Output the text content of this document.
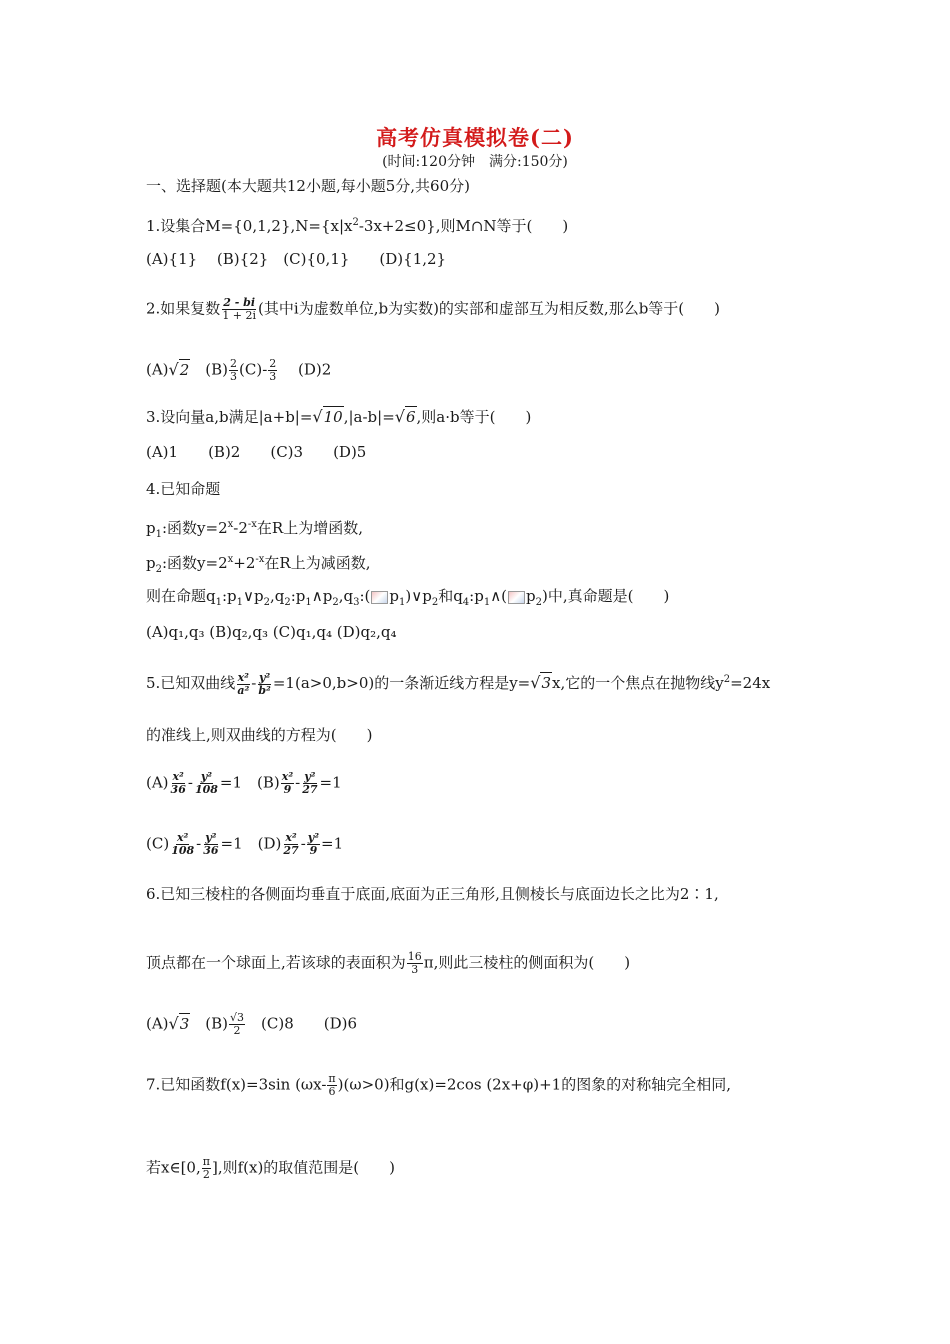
高考仿真模拟卷(二)
(时间:120分钟　满分:150分)
一、选择题(本大题共12小题,每小题5分,共60分)
1.设集合$M=\{0,1,2\},N=\{x|x^2-3x+2\le 0\}$,则M∩N等于(　　)
(A){1}　 (B){2}　(C){0,1}　　(D){1,2}
2.如果复数 $\frac{2 - bi}{1 + 2i}$ (其中i为虚数单位,b为实数)的实部和虚部互为相反数,那么b等于(　　)
(A) √ 2 　$(B) \frac{2}{3} (C)- \frac{2}{3}$ 　 (D)2
3.设向量a,b满足|a+b|= √ 10 ,|a-b|= √ 6 ,则a·b等于(　　)
(A)1　　(B)2　　(C)3　　(D)5
4.已知命题
$p_1$:函数$y=2^x-2^{-x}$在R上为增函数,
$p_2$:函数$y=2^x+2^{-x}$在R上为减函数,
则在命题$q_1:p_1\vee p_2,q_2:p_1\wedge p_2,q_3$:( $p_1)\vee p_2$和$q_4:p_1\wedge$( $p_2$)中,真命题是(　　)
(A)q₁,q₃ (B)q₂,q₃ (C)q₁,q₄ (D)q₂,q₄
5.已知双曲线 $\frac{\text{x²}}{\text{a²}} - \frac{\text{y²}}{\text{b²}} =1(a>0,b>0)$的一条渐近线方程是y= √ 3 x,它的一个焦点在抛物线$y^2=24x$
的准线上,则双曲线的方程为(　　)
$(A) \frac{\text{x²}}{36} - \frac{\text{y²}}{108} =1$　$(B) \frac{\text{x²}}{9} - \frac{\text{y²}}{27} =1$
$(C) \frac{\text{x²}}{108} - \frac{\text{y²}}{36} =1$　$(D) \frac{\text{x²}}{27} - \frac{\text{y²}}{9} =1$
6.已知三棱柱的各侧面均垂直于底面,底面为正三角形,且侧棱长与底面边长之比为2∶1,
顶点都在一个球面上,若该球的表面积为 $\frac{16}{3} \pi$,则此三棱柱的侧面积为(　　)
(A) √ 3 　$(B) \frac{√3}{2}$ 　(C)8　　(D)6
7.已知函数f(x)=3sin $(\omega x- \frac{\pi}{6} )(\omega>0)$和g(x)=2cos (2x+φ)+1的图象的对称轴完全相同,
若x∈[0, $\frac{\pi}{2}$ ],则f(x)的取值范围是(　　)
